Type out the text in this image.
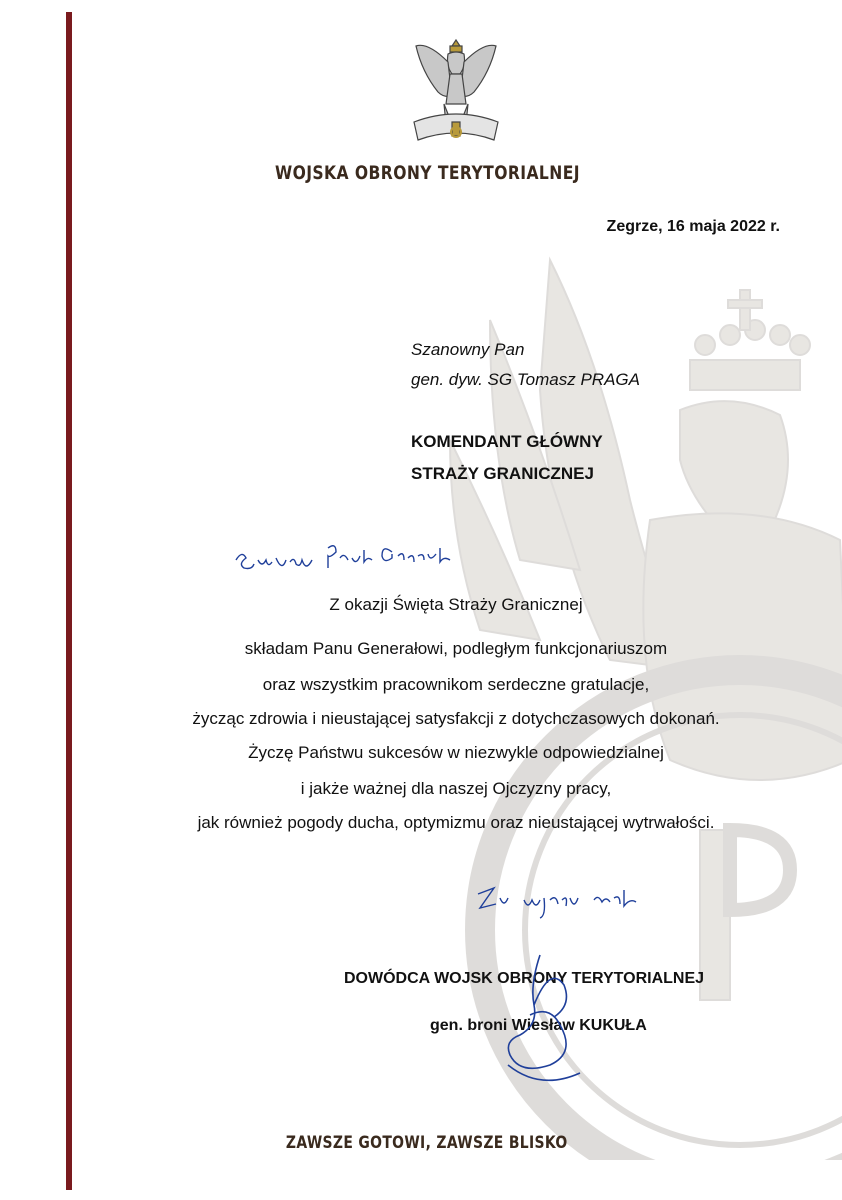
WOJSKA OBRONY TERYTORIALNEJ
Zegrze, 16 maja 2022 r.
Szanowny Pan
gen. dyw. SG Tomasz PRAGA
KOMENDANT GŁÓWNY
STRAŻY GRANICZNEJ
Z okazji Święta Straży Granicznej
składam Panu Generałowi, podległym funkcjonariuszom
oraz wszystkim pracownikom serdeczne gratulacje,
życząc zdrowia i nieustającej satysfakcji z dotychczasowych dokonań.
Życzę Państwu sukcesów w niezwykle odpowiedzialnej
i jakże ważnej dla naszej Ojczyzny pracy,
jak również pogody ducha, optymizmu oraz nieustającej wytrwałości.
DOWÓDCA WOJSK OBRONY TERYTORIALNEJ
gen. broni Wiesław KUKUŁA
ZAWSZE GOTOWI, ZAWSZE BLISKO
